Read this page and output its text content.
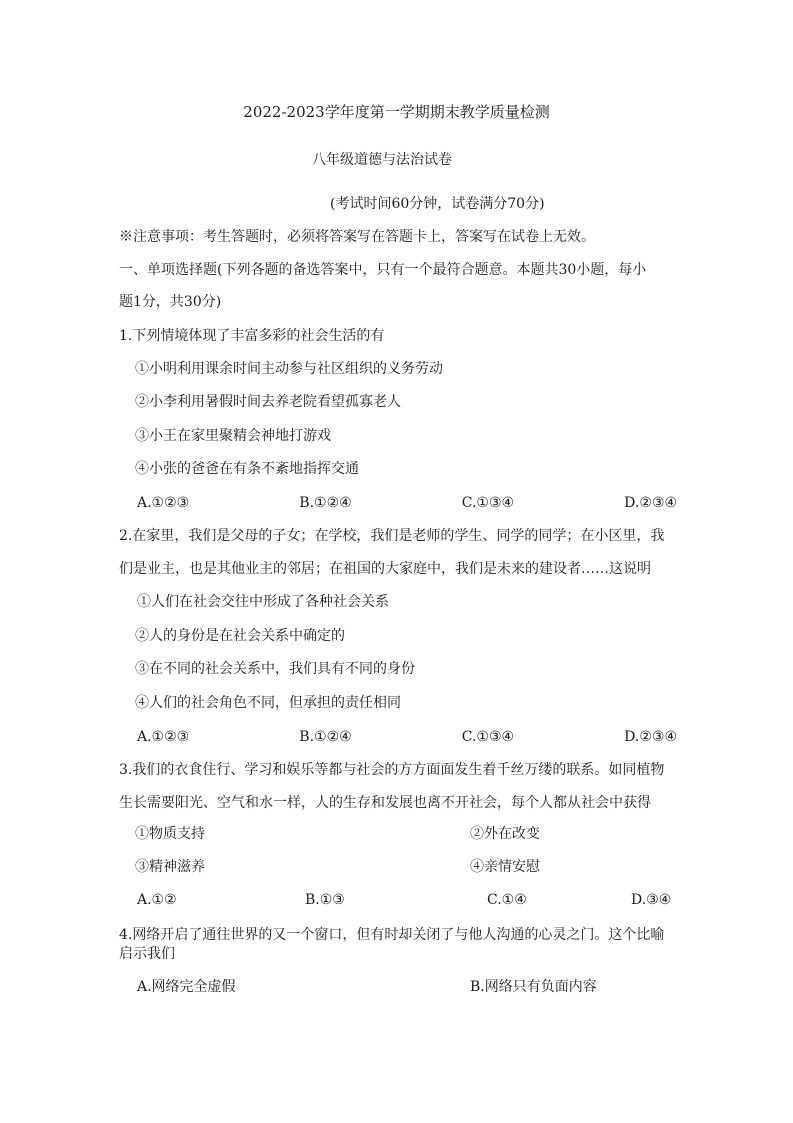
2022-2023学年度第一学期期末教学质量检测
八年级道德与法治试卷
(考试时间60分钟，试卷满分70分)
※注意事项：考生答题时，必须将答案写在答题卡上，答案写在试卷上无效。
一、单项选择题(下列各题的备选答案中，只有一个最符合题意。本题共30小题，每小
题1分，共30分)
1.下列情境体现了丰富多彩的社会生活的有
①小明利用课余时间主动参与社区组织的义务劳动
②小李利用暑假时间去养老院看望孤寡老人
③小王在家里聚精会神地打游戏
④小张的爸爸在有条不紊地指挥交通
A.①②③	B.①②④	C.①③④	D.②③④
2.在家里，我们是父母的子女；在学校，我们是老师的学生、同学的同学；在小区里，我
们是业主，也是其他业主的邻居；在祖国的大家庭中，我们是未来的建设者……这说明
①人们在社会交往中形成了各种社会关系
②人的身份是在社会关系中确定的
③在不同的社会关系中，我们具有不同的身份
④人们的社会角色不同，但承担的责任相同
A.①②③	B.①②④	C.①③④	D.②③④
3.我们的衣食住行、学习和娱乐等都与社会的方方面面发生着千丝万缕的联系。如同植物
生长需要阳光、空气和水一样，人的生存和发展也离不开社会，每个人都从社会中获得
①物质支持	②外在改变
③精神滋养	④亲情安慰
A.①②	B.①③	C.①④	D.③④
4.网络开启了通往世界的又一个窗口，但有时却关闭了与他人沟通的心灵之门。这个比喻
启示我们
A.网络完全虚假	B.网络只有负面内容
